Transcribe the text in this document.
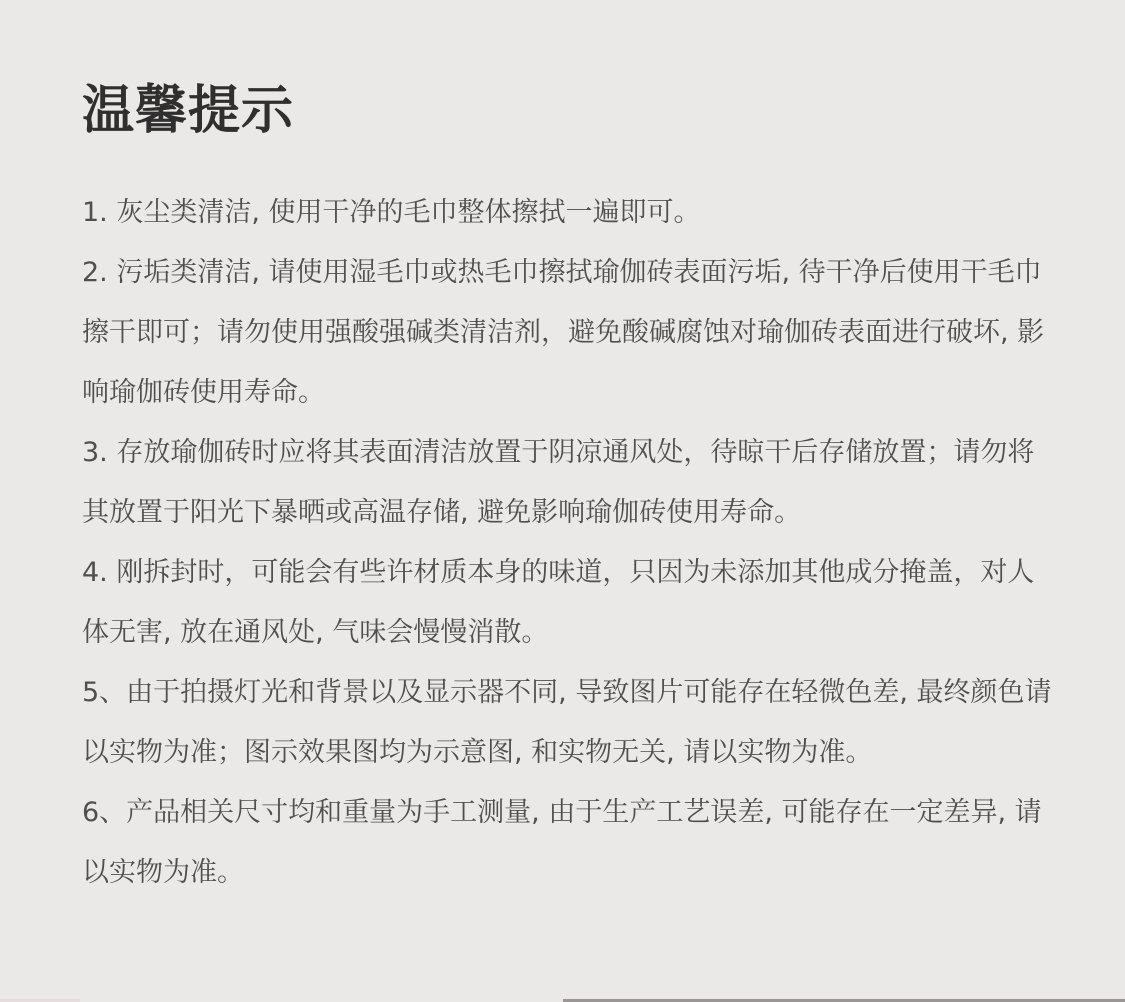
温馨提示
1. 灰尘类清洁, 使用干净的毛巾整体擦拭一遍即可。
2. 污垢类清洁, 请使用湿毛巾或热毛巾擦拭瑜伽砖表面污垢, 待干净后使用干毛巾擦干即可；请勿使用强酸强碱类清洁剂，避免酸碱腐蚀对瑜伽砖表面进行破坏, 影响瑜伽砖使用寿命。
3. 存放瑜伽砖时应将其表面清洁放置于阴凉通风处，待晾干后存储放置；请勿将其放置于阳光下暴晒或高温存储, 避免影响瑜伽砖使用寿命。
4. 刚拆封时，可能会有些许材质本身的味道，只因为未添加其他成分掩盖，对人体无害, 放在通风处, 气味会慢慢消散。
5、由于拍摄灯光和背景以及显示器不同, 导致图片可能存在轻微色差, 最终颜色请以实物为准；图示效果图均为示意图, 和实物无关, 请以实物为准。
6、产品相关尺寸均和重量为手工测量, 由于生产工艺误差, 可能存在一定差异, 请以实物为准。
